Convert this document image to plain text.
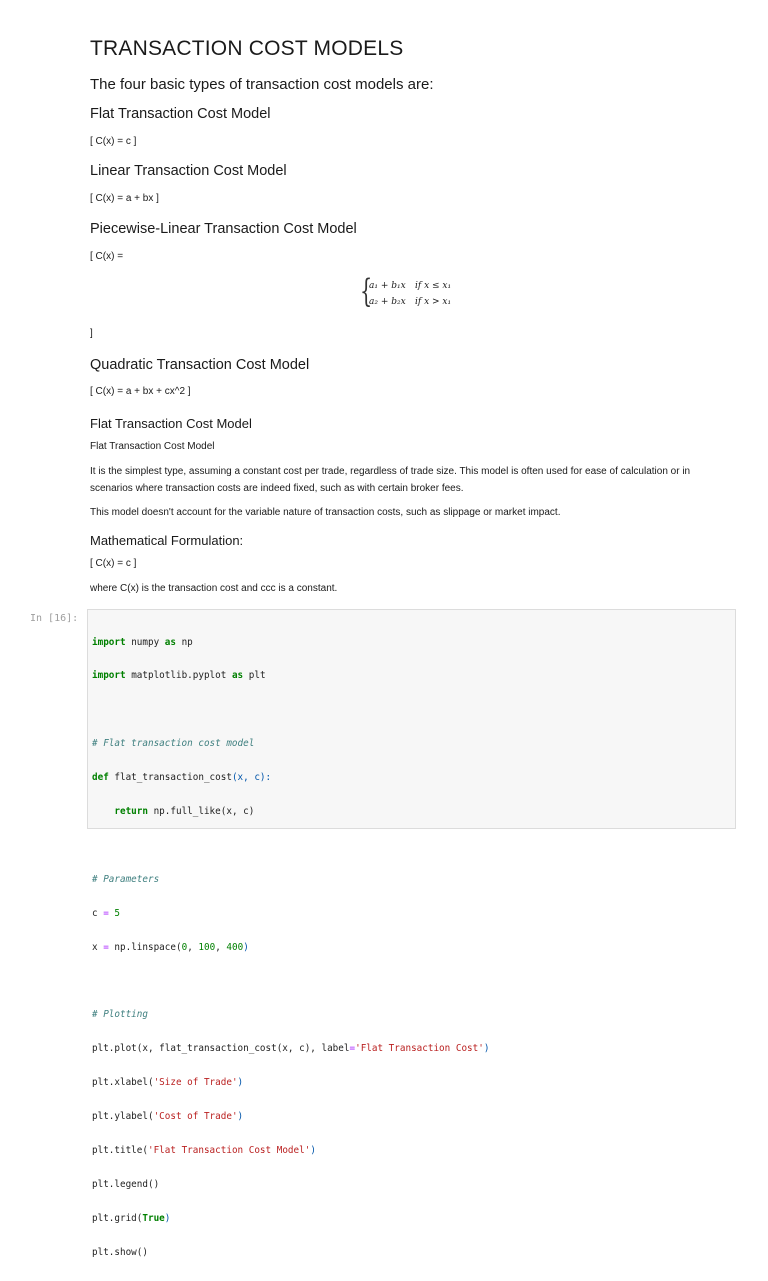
TRANSACTION COST MODELS
The four basic types of transaction cost models are:
Flat Transaction Cost Model
[ C(x) = c ]
Linear Transaction Cost Model
[ C(x) = a + bx ]
Piecewise-Linear Transaction Cost Model
[ C(x) =
{
a₁ + b₁x if x ≤ x₁
a₂ + b₂x if x > x₁
]
Quadratic Transaction Cost Model
[ C(x) = a + bx + cx^2 ]
Flat Transaction Cost Model
Flat Transaction Cost Model
It is the simplest type, assuming a constant cost per trade, regardless of trade size. This model is often used for ease of calculation or in scenarios where transaction costs are indeed fixed, such as with certain broker fees.
This model doesn't account for the variable nature of transaction costs, such as slippage or market impact.
Mathematical Formulation:
[ C(x) = c ]
where C(x) is the transaction cost and ccc is a constant.
In [16]:

import numpy as np

import matplotlib.pyplot as plt

# Flat transaction cost model

def flat_transaction_cost(x, c):

return np.full_like(x, c)

# Parameters

c = 5

x = np.linspace(0, 100, 400)

# Plotting

plt.plot(x, flat_transaction_cost(x, c), label='Flat Transaction Cost')

plt.xlabel('Size of Trade')

plt.ylabel('Cost of Trade')

plt.title('Flat Transaction Cost Model')

plt.legend()

plt.grid(True)

plt.show()
